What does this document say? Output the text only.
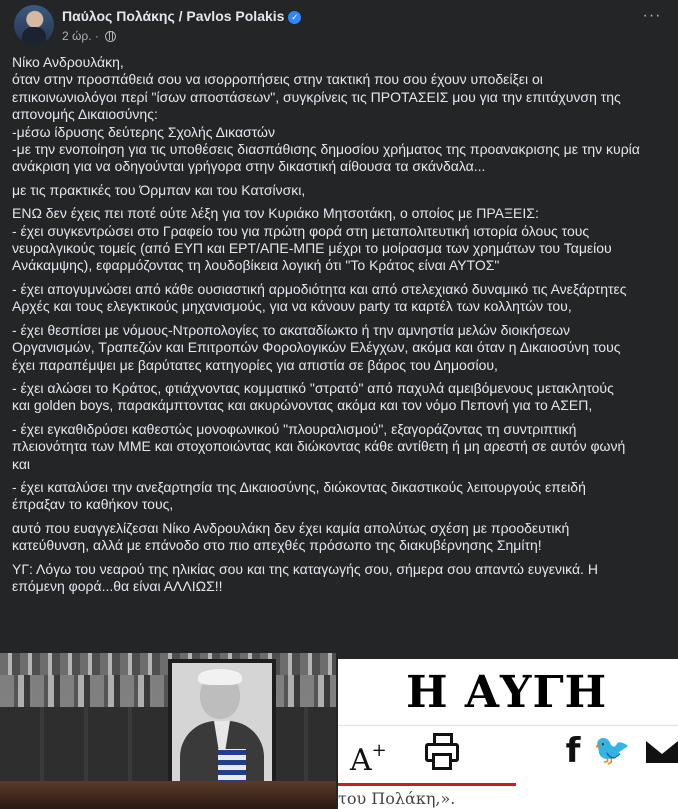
Παύλος Πολάκης / Pavlos Polakis ✓
2 ώρ. ·
···

Νίκο Ανδρουλάκη,
όταν στην προσπάθειά σου να ισορροπήσεις στην τακτική που σου έχουν υποδείξει οι
επικοινωνιολόγοι περί "ίσων αποστάσεων", συγκρίνεις τις ΠΡΟΤΑΣΕΙΣ μου για την επιτάχυνση της
απονομής Δικαιοσύνης:
-μέσω ίδρυσης δεύτερης Σχολής Δικαστών
-με την ενοποίηση για τις υποθέσεις διασπάθισης δημοσίου χρήματος της προανακρισης με την κυρία
ανάκριση για να οδηγούνται γρήγορα στην δικαστική αίθουσα τα σκάνδαλα...

με τις πρακτικές του Όρμπαν και του Κατσίνσκι,

ΕΝΩ δεν έχεις πει ποτέ ούτε λέξη για τον Κυριάκο Μητσοτάκη, ο οποίος με ΠΡΑΞΕΙΣ:
- έχει συγκεντρώσει στο Γραφείο του για πρώτη φορά στη μεταπολιτευτική ιστορία όλους τους
νευραλγικούς τομείς (από ΕΥΠ και ΕΡΤ/ΑΠΕ-ΜΠΕ μέχρι το μοίρασμα των χρημάτων του Ταμείου
Ανάκαμψης), εφαρμόζοντας τη λουδοβίκεια λογική ότι "Το Κράτος είναι ΑΥΤΟΣ"

- έχει απογυμνώσει από κάθε ουσιαστική αρμοδιότητα και από στελεχιακό δυναμικό τις Ανεξάρτητες
Αρχές και τους ελεγκτικούς μηχανισμούς, για να κάνουν party τα καρτέλ των κολλητών του,

- έχει θεσπίσει με νόμους-Ντροπολογίες το ακαταδίωκτο ή την αμνηστία μελών διοικήσεων
Οργανισμών, Τραπεζών και Επιτροπών Φορολογικών Ελέγχων, ακόμα και όταν η Δικαιοσύνη τους
έχει παραπέμψει με βαρύτατες κατηγορίες για απιστία σε βάρος του Δημοσίου,

- έχει αλώσει το Κράτος, φτιάχνοντας κομματικό "στρατό" από παχυλά αμειβόμενους μετακλητούς
και golden boys, παρακάμπτοντας και ακυρώνοντας ακόμα και τον νόμο Πεπονή για το ΑΣΕΠ,

- έχει εγκαθιδρύσει καθεστώς μονοφωνικού "πλουραλισμού", εξαγοράζοντας τη συντριπτική
πλειονότητα των ΜΜΕ και στοχοποιώντας και διώκοντας κάθε αντίθετη ή μη αρεστή σε αυτόν φωνή
και

- έχει καταλύσει την ανεξαρτησία της Δικαιοσύνης, διώκοντας δικαστικούς λειτουργούς επειδή
έπραξαν το καθήκον τους,

αυτό που ευαγγελίζεσαι Νίκο Ανδρουλάκη δεν έχει καμία απολύτως σχέση με προοδευτική
κατεύθυνση, αλλά με επάνοδο στο πιο απεχθές πρόσωπο της διακυβέρνησης Σημίτη!

ΥΓ: Λόγω του νεαρού της ηλικίας σου και της καταγωγής σου, σήμερα σου απαντώ ευγενικά. Η
επόμενη φορά...θα είναι ΑΛΛΙΩΣ!!

Η ΑΥΓΗ
A+	f 🐦
του Πολάκη,».
